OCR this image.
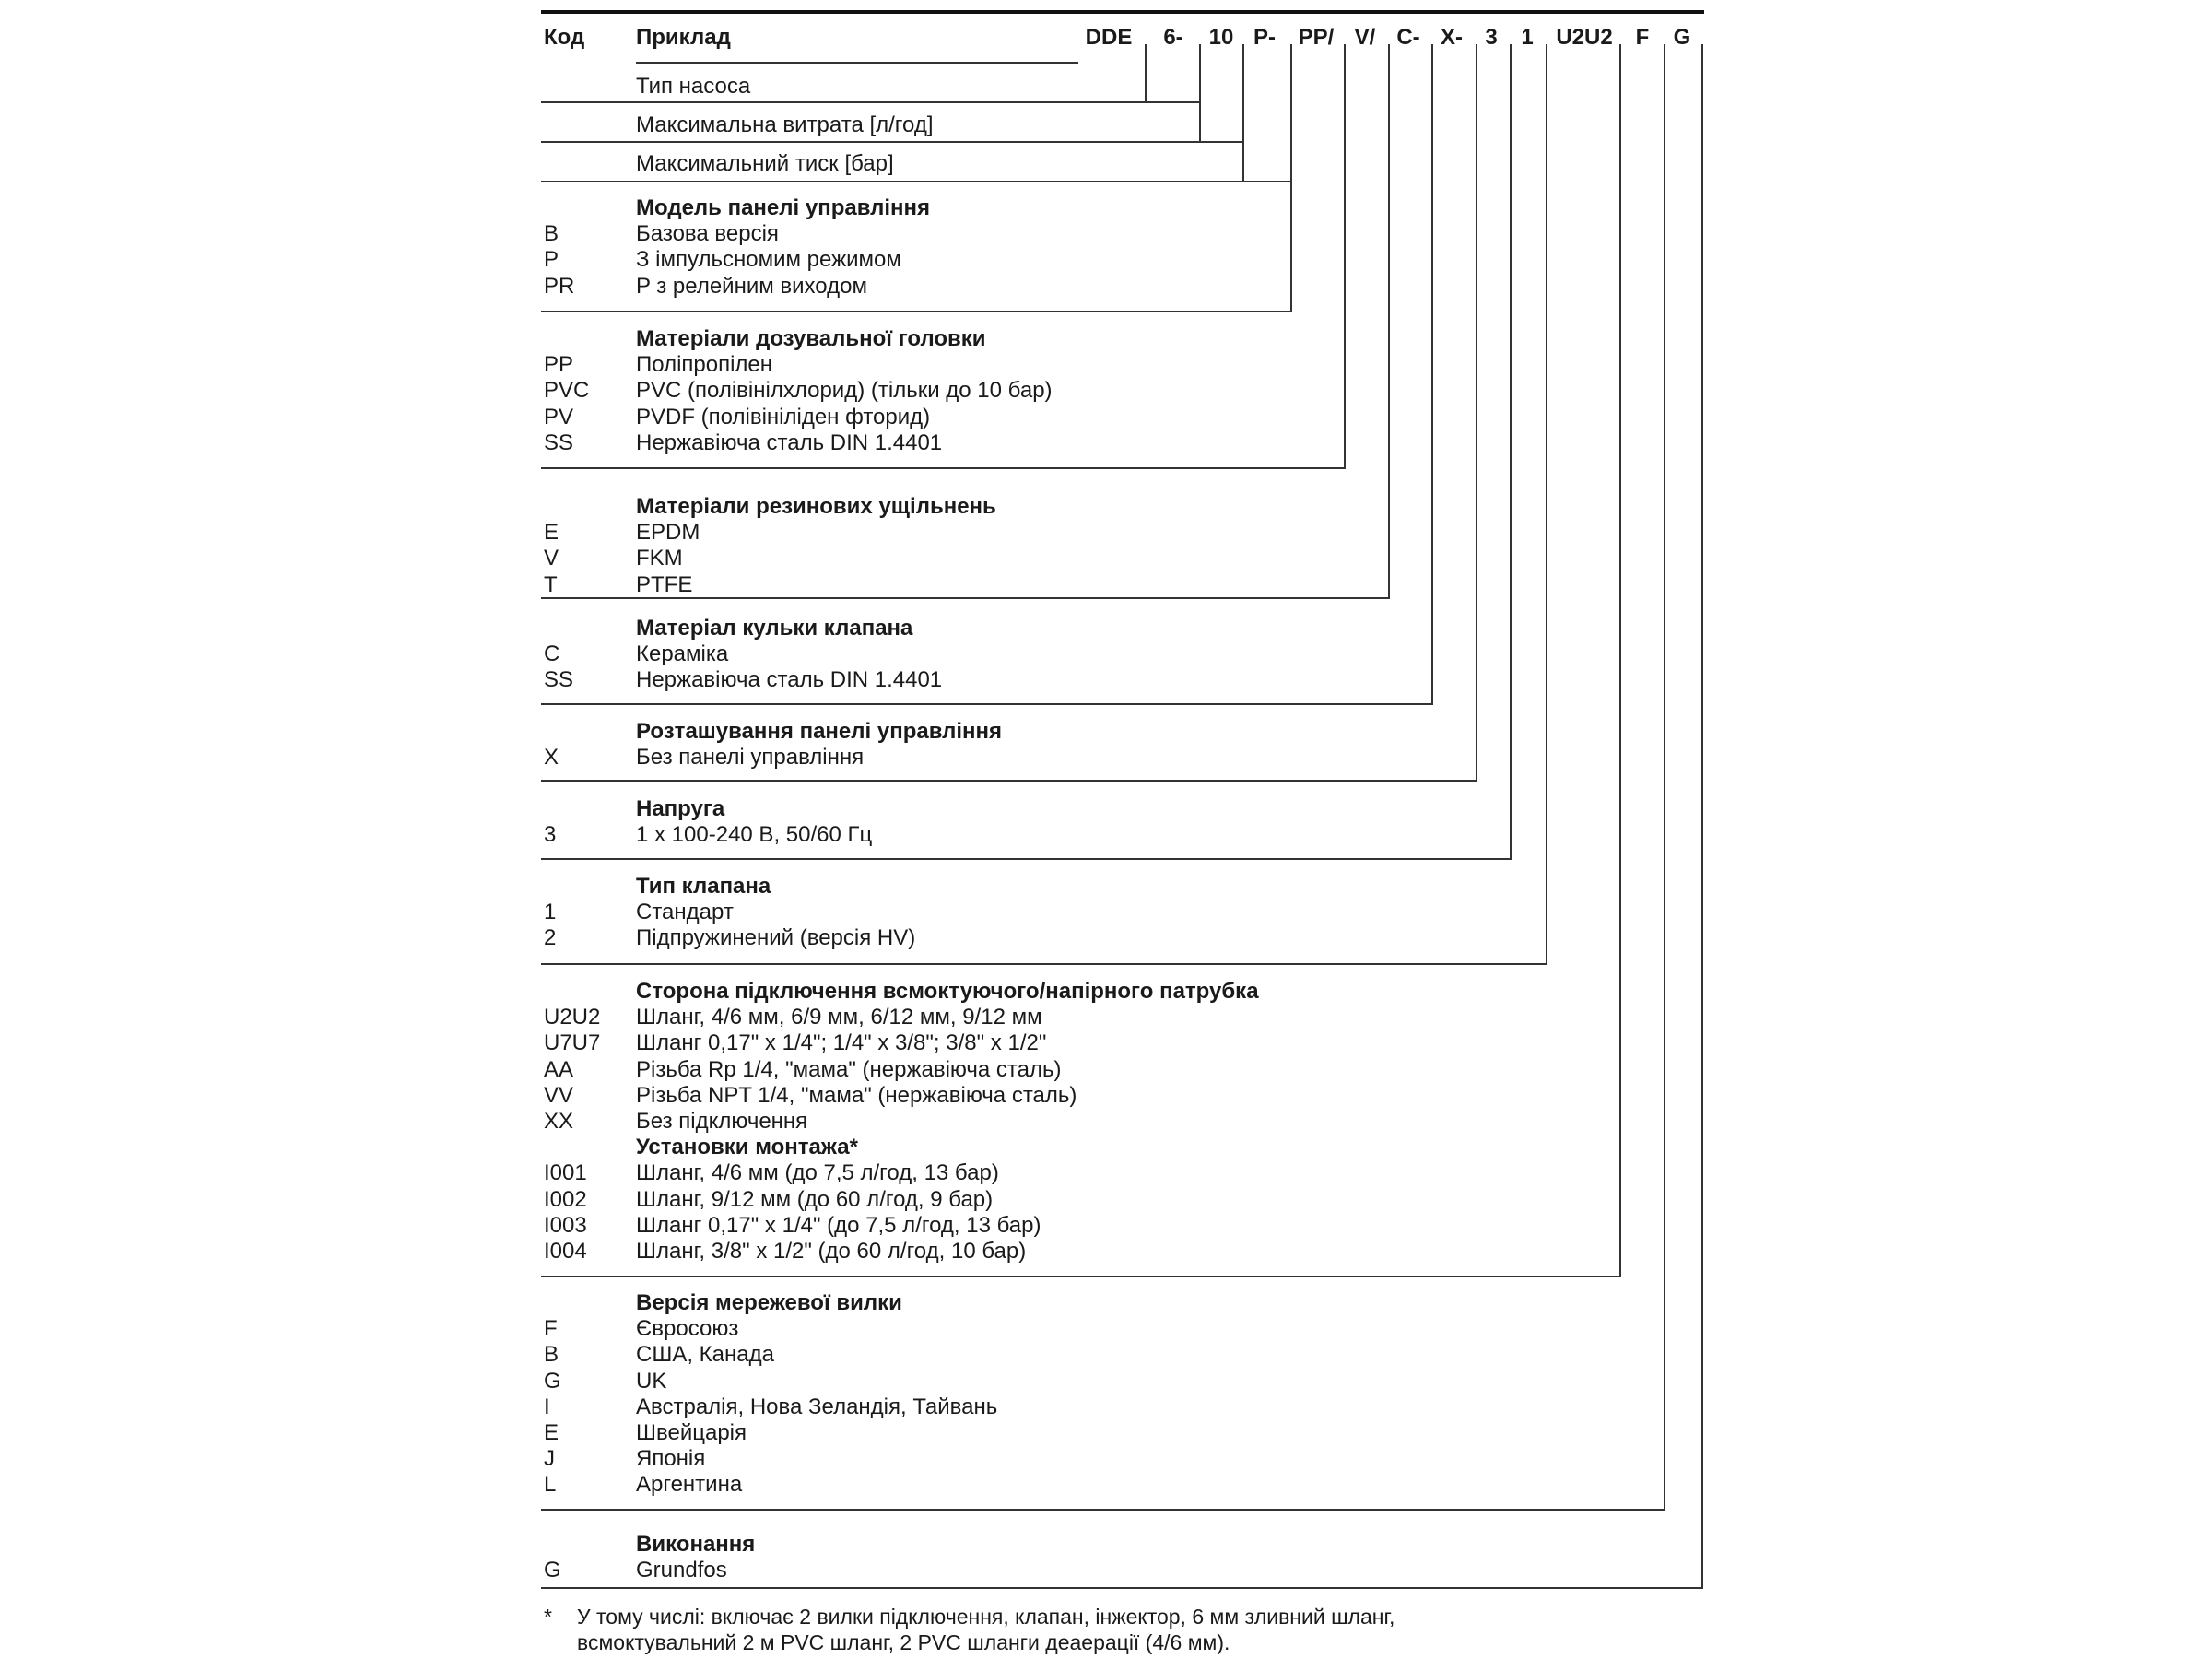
Код Приклад	DDE 6- 10 P- PP/ V/ C- X- 3 1 U2U2 F G
Тип насоса
Максимальна витрата [л/год]
Максимальний тиск [бар]
Модель панелі управління
B	Базова версія
P	З імпульсномим режимом
PR	P з релейним виходом
Матеріали дозувальної головки
PP	Поліпропілен
PVC PVC (полівінілхлорид) (тільки до 10 бар)
PV	PVDF (полівініліден фторид)
SS	Нержавіюча сталь DIN 1.4401
Матеріали резинових ущільнень
E	EPDM
V	FKM
T	PTFE
Матеріал кульки клапана
C	Кераміка
SS	Нержавіюча сталь DIN 1.4401
Розташування панелі управління
X	Без панелі управління
Напруга
3	1 x 100-240 В, 50/60 Гц
Тип клапана
1	Стандарт
2	Підпружинений (версія HV)
Сторона підключення всмоктуючого/напірного патрубка
U2U2 Шланг, 4/6 мм, 6/9 мм, 6/12 мм, 9/12 мм
U7U7 Шланг 0,17" x 1/4"; 1/4" x 3/8"; 3/8" x 1/2"
AA	Різьба Rp 1/4, "мама" (нержавіюча сталь)
VV	Різьба NPT 1/4, "мама" (нержавіюча сталь)
XX	Без підключення
Установки монтажа*
I001 Шланг, 4/6 мм (до 7,5 л/год, 13 бар)
I002 Шланг, 9/12 мм (до 60 л/год, 9 бар)
I003 Шланг 0,17" x 1/4" (до 7,5 л/год, 13 бар)
I004 Шланг, 3/8" x 1/2" (до 60 л/год, 10 бар)
Версія мережевої вилки
F	Євросоюз
B	США, Канада
G	UK
I	Австралія, Нова Зеландія, Тайвань
E	Швейцарія
J	Японія
L	Аргентина
Виконання
G	Grundfos
* У тому числі: включає 2 вилки підключення, клапан, інжектор, 6 мм зливний шланг,
всмоктувальний 2 м PVC шланг, 2 PVC шланги деаерації (4/6 мм).
